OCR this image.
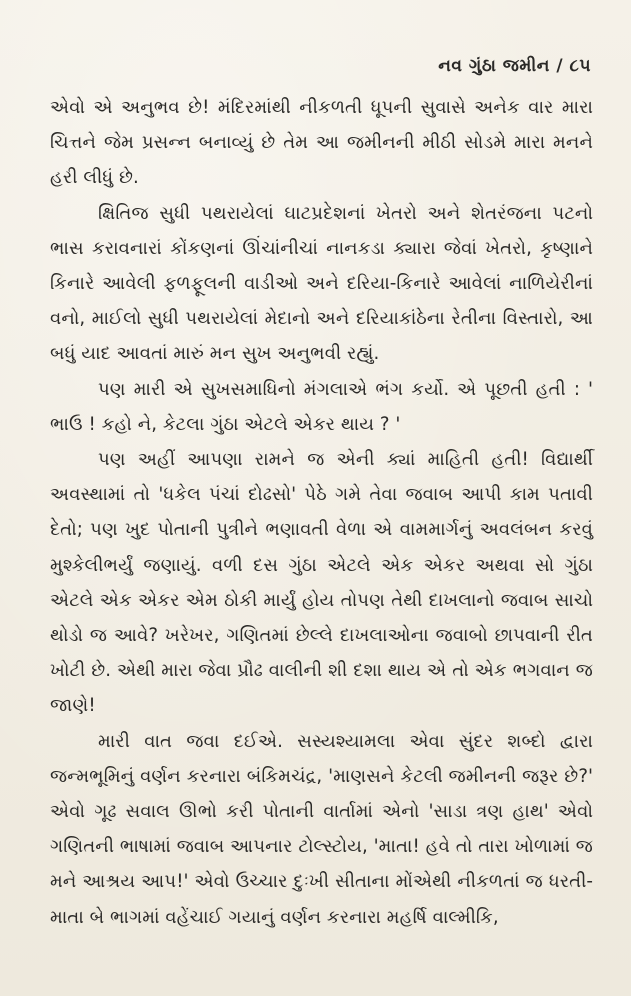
નવ ગુંઠા જમીન / ૮૫

એવો એ અનુભવ છે! મંદિરમાંથી નીકળતી ધૂપની સુવાસે અનેક વાર મારા ચિત્તને જેમ પ્રસન્ન બનાવ્યું છે તેમ આ જમીનની મીઠી સોડમે મારા મનને હરી લીધું છે.

ક્ષિતિજ સુધી પથરાયેલાં ઘાટપ્રદેશનાં ખેતરો અને શેતરંજના પટનો ભાસ કરાવનારાં કોંકણનાં ઊંચાંનીચાં નાનકડા ક્યારા જેવાં ખેતરો, કૃષ્ણાને કિનારે આવેલી ફળફૂલની વાડીઓ અને દરિયા-કિનારે આવેલાં નાળિયેરીનાં વનો, માઈલો સુધી પથરાયેલાં મેદાનો અને દરિયાકાંઠેના રેતીના વિસ્તારો, આ બધું યાદ આવતાં મારું મન સુખ અનુભવી રહ્યું.

પણ મારી એ સુખસમાધિનો મંગલાએ ભંગ કર્યો. એ પૂછતી હતી : ' ભાઉ ! કહો ને, કેટલા ગુંઠા એટલે એકર થાય ? '

પણ અહીં આપણા રામને જ એની ક્યાં માહિતી હતી! વિદ્યાર્થી અવસ્થામાં તો 'ધકેલ પંચાં દોઢસો' પેઠે ગમે તેવા જવાબ આપી કામ પતાવી દેતો; પણ ખુદ પોતાની પુત્રીને ભણાવતી વેળા એ વામમાર્ગનું અવલંબન કરવું મુશ્કેલીભર્યું જણાયું. વળી દસ ગુંઠા એટલે એક એકર અથવા સો ગુંઠા એટલે એક એકર એમ ઠોકી માર્યું હોય તોપણ તેથી દાખલાનો જવાબ સાચો થોડો જ આવે? ખરેખર, ગણિતમાં છેલ્લે દાખલાઓના જવાબો છાપવાની રીત ખોટી છે. એથી મારા જેવા પ્રૌઢ વાલીની શી દશા થાય એ તો એક ભગવાન જ જાણે!

મારી વાત જવા દઈએ. સસ્યશ્યામલા એવા સુંદર શબ્દો દ્વારા જન્મભૂમિનું વર્ણન કરનારા બંકિમચંદ્ર, 'માણસને કેટલી જમીનની જરૂર છે?' એવો ગૂઢ સવાલ ઊભો કરી પોતાની વાર્તામાં એનો 'સાડા ત્રણ હાથ' એવો ગણિતની ભાષામાં જવાબ આપનાર ટોલ્સ્ટોય, 'માતા! હવે તો તારા ખોળામાં જ મને આશ્રય આપ!' એવો ઉચ્ચાર દુઃખી સીતાના મોંએથી નીકળતાં જ ધરતી-માતા બે ભાગમાં વહેંચાઈ ગયાનું વર્ણન કરનારા મહર્ષિ વાલ્મીકિ,
